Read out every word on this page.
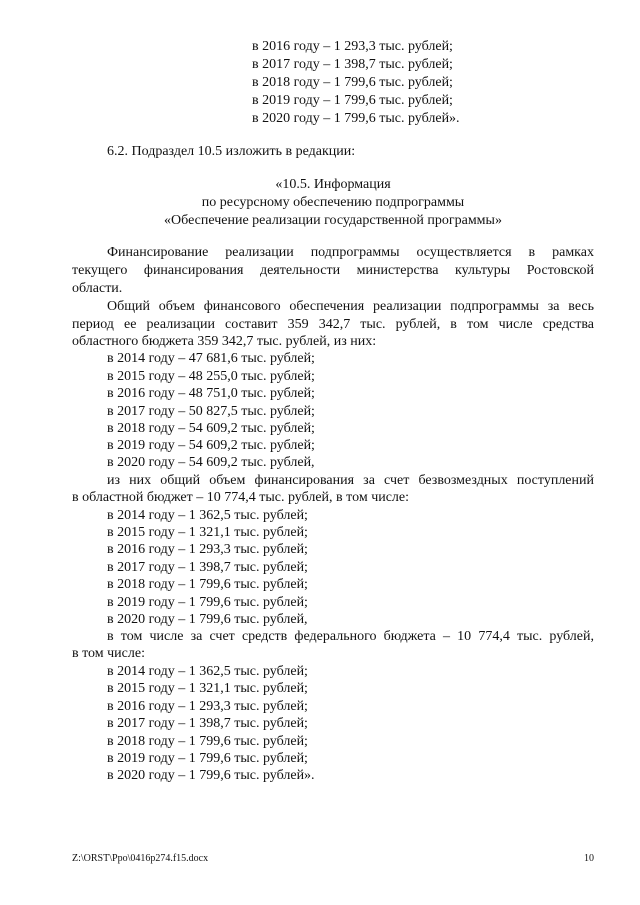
в 2016 году – 1 293,3 тыс. рублей;
в 2017 году – 1 398,7 тыс. рублей;
в 2018 году – 1 799,6 тыс. рублей;
в 2019 году – 1 799,6 тыс. рублей;
в 2020 году – 1 799,6 тыс. рублей».
6.2. Подраздел 10.5 изложить в редакции:
«10.5. Информация
по ресурсному обеспечению подпрограммы
«Обеспечение реализации государственной программы»
Финансирование реализации подпрограммы осуществляется в рамках
текущего финансирования деятельности министерства культуры Ростовской
области.
Общий объем финансового обеспечения реализации подпрограммы за весь
период ее реализации составит 359 342,7 тыс. рублей, в том числе средства
областного бюджета 359 342,7 тыс. рублей, из них:
в 2014 году – 47 681,6 тыс. рублей;
в 2015 году – 48 255,0 тыс. рублей;
в 2016 году – 48 751,0 тыс. рублей;
в 2017 году – 50 827,5 тыс. рублей;
в 2018 году – 54 609,2 тыс. рублей;
в 2019 году – 54 609,2 тыс. рублей;
в 2020 году – 54 609,2 тыс. рублей,
из них общий объем финансирования за счет безвозмездных поступлений
в областной бюджет – 10 774,4 тыс. рублей, в том числе:
в 2014 году – 1 362,5 тыс. рублей;
в 2015 году – 1 321,1 тыс. рублей;
в 2016 году – 1 293,3 тыс. рублей;
в 2017 году – 1 398,7 тыс. рублей;
в 2018 году – 1 799,6 тыс. рублей;
в 2019 году – 1 799,6 тыс. рублей;
в 2020 году – 1 799,6 тыс. рублей,
в том числе за счет средств федерального бюджета – 10 774,4 тыс. рублей,
в том числе:
в 2014 году – 1 362,5 тыс. рублей;
в 2015 году – 1 321,1 тыс. рублей;
в 2016 году – 1 293,3 тыс. рублей;
в 2017 году – 1 398,7 тыс. рублей;
в 2018 году – 1 799,6 тыс. рублей;
в 2019 году – 1 799,6 тыс. рублей;
в 2020 году – 1 799,6 тыс. рублей».
Z:\ORST\Ppo\0416p274.f15.docx	10
